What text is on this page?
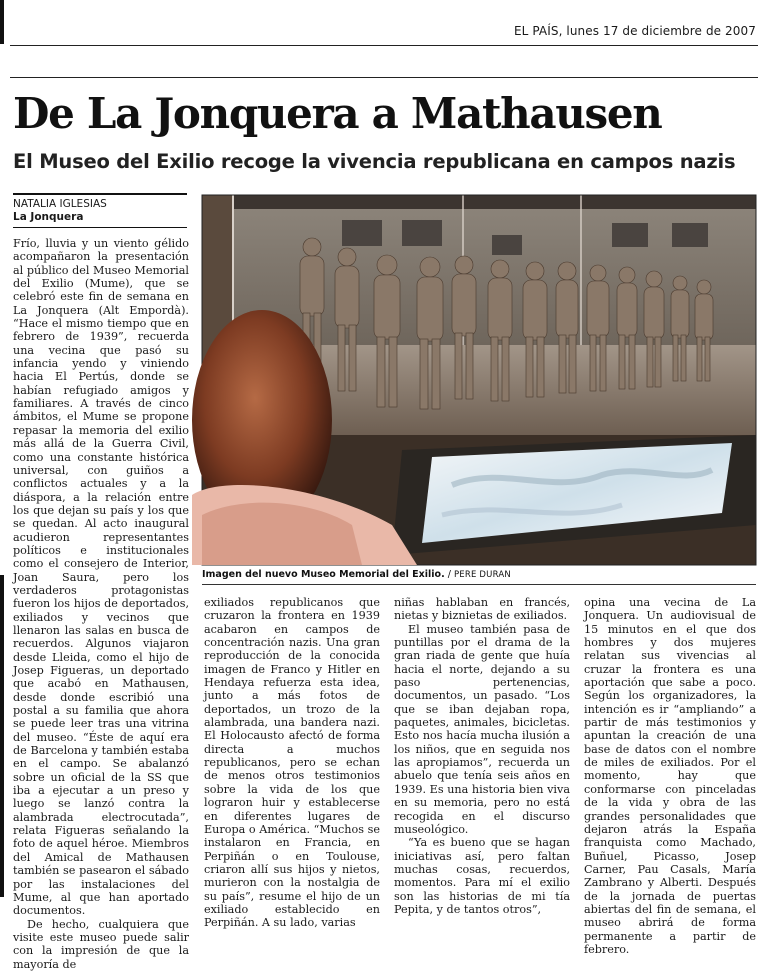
EL PAÍS, lunes 17 de diciembre de 2007
De La Jonquera a Mathausen
El Museo del Exilio recoge la vivencia republicana en campos nazis
NATALIA IGLESIAS
La Jonquera
Imagen del nuevo Museo Memorial del Exilio. / PERE DURAN

Frío, lluvia y un viento gélido acompañaron la presentación al público del Museo Memorial del Exilio (Mume), que se celebró este fin de semana en La Jonquera (Alt Empordà). “Hace el mismo tiempo que en febrero de 1939”, recuerda una vecina que pasó su infancia yendo y viniendo hacia El Pertús, donde se habían refugiado amigos y familiares. A través de cinco ámbitos, el Mume se propone repasar la memoria del exilio más allá de la Guerra Civil, como una constante histórica universal, con guiños a conflictos actuales y a la diáspora, a la relación entre los que dejan su país y los que se quedan. Al acto inaugural acudieron representantes políticos e institucionales como el consejero de Interior, Joan Saura, pero los verdaderos protagonistas fueron los hijos de deportados, exiliados y vecinos que llenaron las salas en busca de recuerdos. Algunos viajaron desde Lleida, como el hijo de Josep Figueras, un deportado que acabó en Mathausen, desde donde escribió una postal a su familia que ahora se puede leer tras una vitrina del museo. “Éste de aquí era de Barcelona y también estaba en el campo. Se abalanzó sobre un oficial de la SS que iba a ejecutar a un preso y luego se lanzó contra la alambrada electrocutada”, relata Figueras señalando la foto de aquel héroe. Miembros del Amical de Mathausen también se pasearon el sábado por las instalaciones del Mume, al que han aportado documentos.

De hecho, cualquiera que visite este museo puede salir con la impresión de que la mayoría de

exiliados republicanos que cruzaron la frontera en 1939 acabaron en campos de concentración nazis. Una gran reproducción de la conocida imagen de Franco y Hitler en Hendaya refuerza esta idea, junto a más fotos de deportados, un trozo de la alambrada, una bandera nazi. El Holocausto afectó de forma directa a muchos republicanos, pero se echan de menos otros testimonios sobre la vida de los que lograron huir y establecerse en diferentes lugares de Europa o América. “Muchos se instalaron en Francia, en Perpiñán o en Toulouse, criaron allí sus hijos y nietos, murieron con la nostalgia de su país”, resume el hijo de un exiliado establecido en Perpiñán. A su lado, varias

niñas hablaban en francés, nietas y biznietas de exiliados.

El museo también pasa de puntillas por el drama de la gran riada de gente que huía hacia el norte, dejando a su paso pertenencias, documentos, un pasado. “Los que se iban dejaban ropa, paquetes, animales, bicicletas. Esto nos hacía mucha ilusión a los niños, que en seguida nos las apropiamos”, recuerda un abuelo que tenía seis años en 1939. Es una historia bien viva en su memoria, pero no está recogida en el discurso museológico.

“Ya es bueno que se hagan iniciativas así, pero faltan muchas cosas, recuerdos, momentos. Para mí el exilio son las historias de mi tía Pepita, y de tantos otros”,

opina una vecina de La Jonquera. Un audiovisual de 15 minutos en el que dos hombres y dos mujeres relatan sus vivencias al cruzar la frontera es una aportación que sabe a poco. Según los organizadores, la intención es ir “ampliando” a partir de más testimonios y apuntan la creación de una base de datos con el nombre de miles de exiliados. Por el momento, hay que conformarse con pinceladas de la vida y obra de las grandes personalidades que dejaron atrás la España franquista como Machado, Buñuel, Picasso, Josep Carner, Pau Casals, María Zambrano y Alberti. Después de la jornada de puertas abiertas del fin de semana, el museo abrirá de forma permanente a partir de febrero.
